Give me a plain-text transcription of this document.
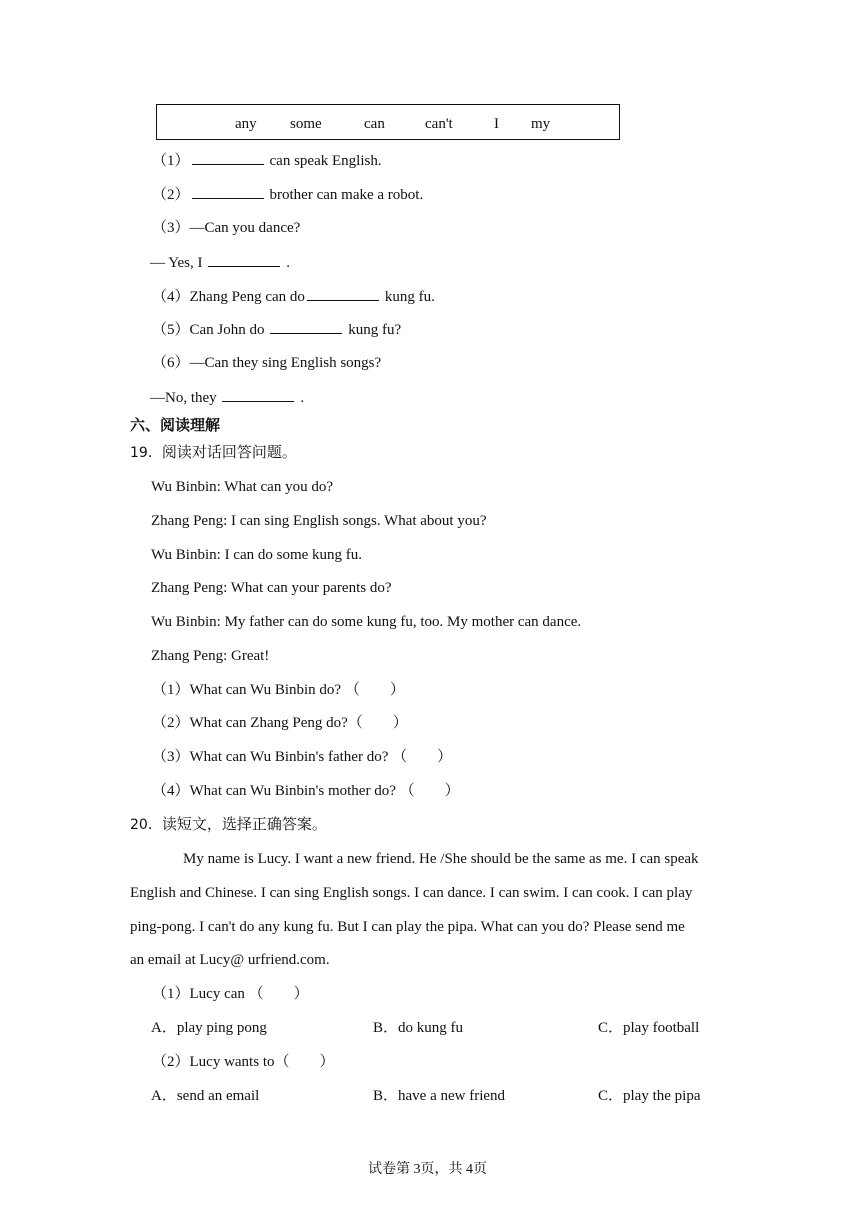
any some	can	can't	I my
（1）	can speak English.
（2）	brother can make a robot.
（3）—Can you dance?
— Yes, I	.
（4）Zhang Peng can do	kung fu.
（5）Can John do	kung fu?
（6）—Can they sing English songs?
—No, they	.
六、阅读理解
19．阅读对话回答问题。
Wu Binbin: What can you do?
Zhang Peng: I can sing English songs. What about you?
Wu Binbin: I can do some kung fu.
Zhang Peng: What can your parents do?
Wu Binbin: My father can do some kung fu, too. My mother can dance.
Zhang Peng: Great!
（1）What can Wu Binbin do? （　　）
（2）What can Zhang Peng do?（　　）
（3）What can Wu Binbin's father do? （　　）
（4）What can Wu Binbin's mother do? （　　）
20．读短文，选择正确答案。
My name is Lucy. I want a new friend. He /She should be the same as me. I can speak
English and Chinese. I can sing English songs. I can dance. I can swim. I can cook. I can play
ping-pong. I can't do any kung fu. But I can play the pipa. What can you do? Please send me
an email at Lucy@ urfriend.com.
（1）Lucy can （　　）
A．play ping pong	B．do kung fu	C．play football
（2）Lucy wants to（　　）
A．send an email	B．have a new friend	C．play the pipa
试卷第 3页，共 4页
